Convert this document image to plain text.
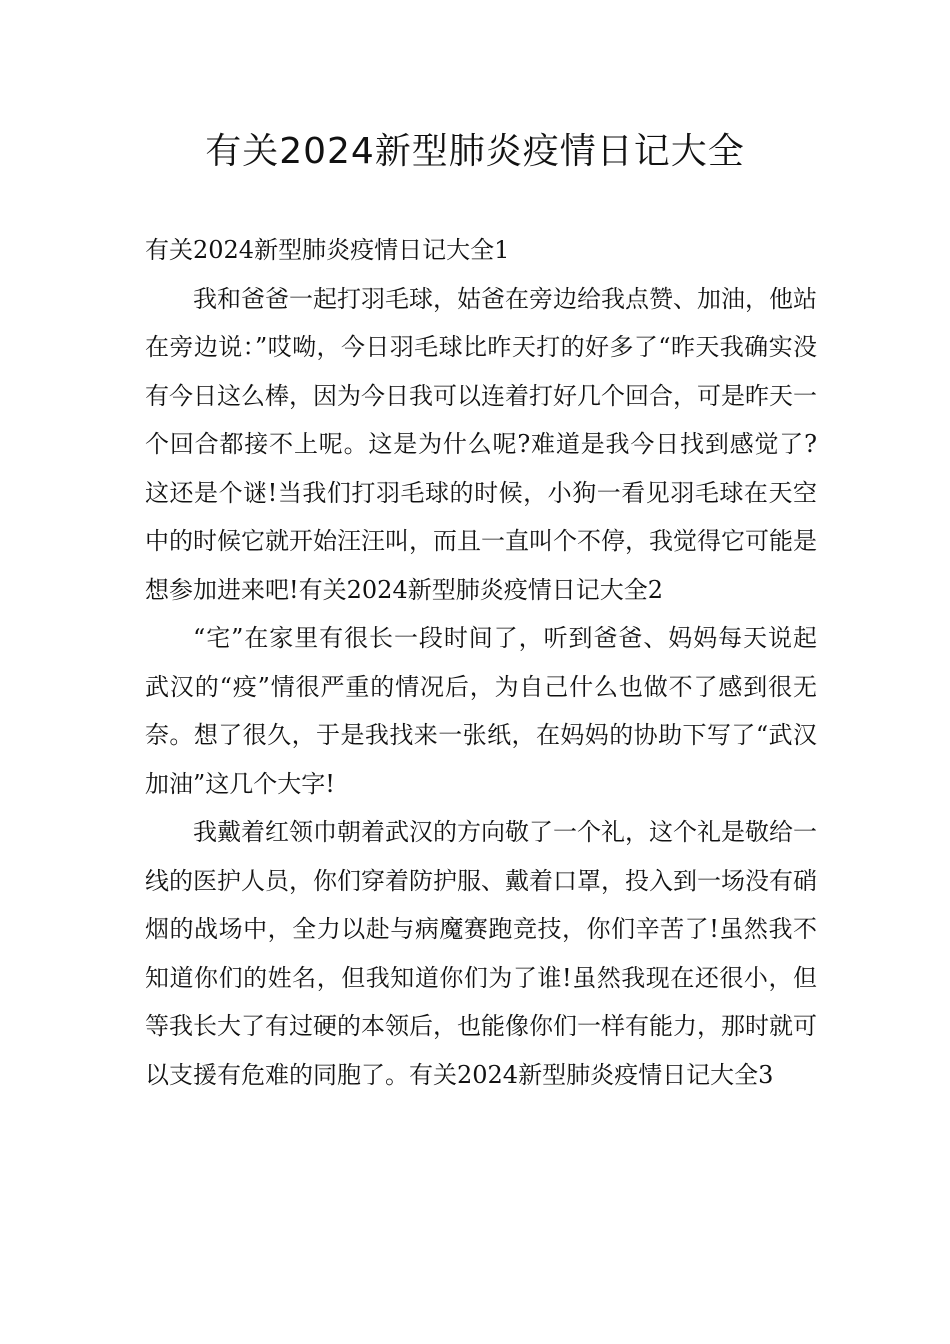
有关2024新型肺炎疫情日记大全

有关2024新型肺炎疫情日记大全1

我和爸爸一起打羽毛球，姑爸在旁边给我点赞、加油，他站在旁边说：”哎呦，今日羽毛球比昨天打的好多了“昨天我确实没有今日这么棒，因为今日我可以连着打好几个回合，可是昨天一个回合都接不上呢。这是为什么呢?难道是我今日找到感觉了?这还是个谜!当我们打羽毛球的时候，小狗一看见羽毛球在天空中的时候它就开始汪汪叫，而且一直叫个不停，我觉得它可能是想参加进来吧!有关2024新型肺炎疫情日记大全2

“宅”在家里有很长一段时间了，听到爸爸、妈妈每天说起武汉的“疫”情很严重的情况后，为自己什么也做不了感到很无奈。想了很久，于是我找来一张纸，在妈妈的协助下写了“武汉加油”这几个大字!

我戴着红领巾朝着武汉的方向敬了一个礼，这个礼是敬给一线的医护人员，你们穿着防护服、戴着口罩，投入到一场没有硝烟的战场中，全力以赴与病魔赛跑竞技，你们辛苦了!虽然我不知道你们的姓名，但我知道你们为了谁!虽然我现在还很小，但等我长大了有过硬的本领后，也能像你们一样有能力，那时就可以支援有危难的同胞了。有关2024新型肺炎疫情日记大全3
